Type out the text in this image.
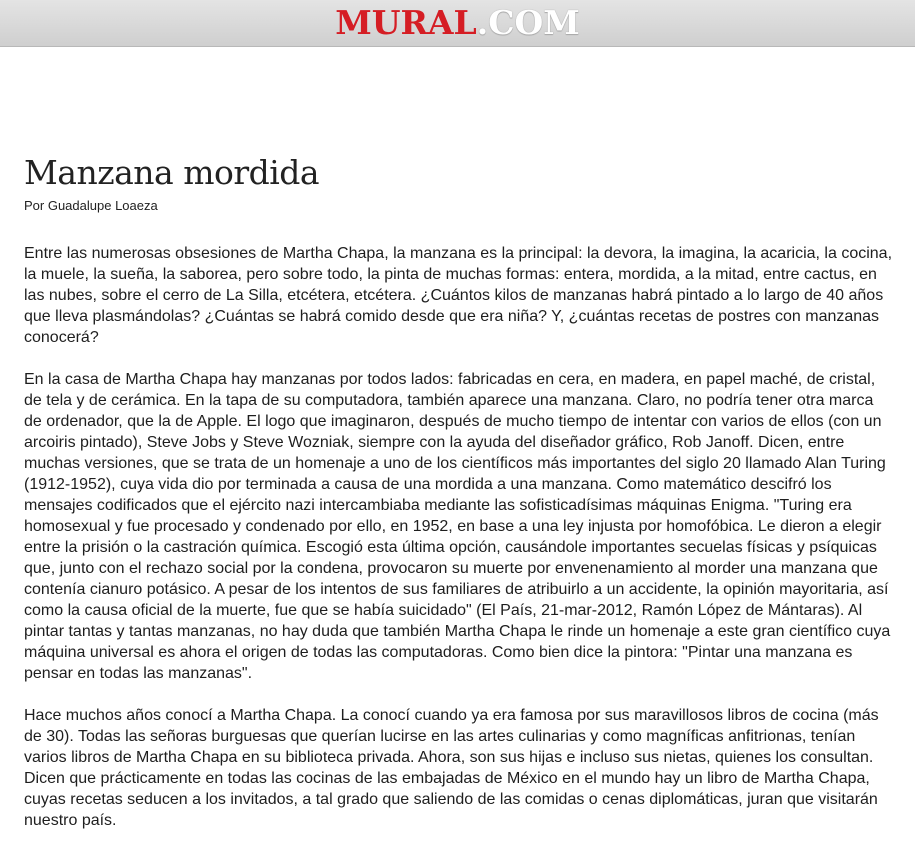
MURAL.COM
Manzana mordida

Por Guadalupe Loaeza

Entre las numerosas obsesiones de Martha Chapa, la manzana es la principal: la devora, la imagina, la acaricia, la cocina, la muele, la sueña, la saborea, pero sobre todo, la pinta de muchas formas: entera, mordida, a la mitad, entre cactus, en las nubes, sobre el cerro de La Silla, etcétera, etcétera. ¿Cuántos kilos de manzanas habrá pintado a lo largo de 40 años que lleva plasmándolas? ¿Cuántas se habrá comido desde que era niña? Y, ¿cuántas recetas de postres con manzanas conocerá?

En la casa de Martha Chapa hay manzanas por todos lados: fabricadas en cera, en madera, en papel maché, de cristal, de tela y de cerámica. En la tapa de su computadora, también aparece una manzana. Claro, no podría tener otra marca de ordenador, que la de Apple. El logo que imaginaron, después de mucho tiempo de intentar con varios de ellos (con un arcoiris pintado), Steve Jobs y Steve Wozniak, siempre con la ayuda del diseñador gráfico, Rob Janoff. Dicen, entre muchas versiones, que se trata de un homenaje a uno de los científicos más importantes del siglo 20 llamado Alan Turing (1912-1952), cuya vida dio por terminada a causa de una mordida a una manzana. Como matemático descifró los mensajes codificados que el ejército nazi intercambiaba mediante las sofisticadísimas máquinas Enigma. "Turing era homosexual y fue procesado y condenado por ello, en 1952, en base a una ley injusta por homofóbica. Le dieron a elegir entre la prisión o la castración química. Escogió esta última opción, causándole importantes secuelas físicas y psíquicas que, junto con el rechazo social por la condena, provocaron su muerte por envenenamiento al morder una manzana que contenía cianuro potásico. A pesar de los intentos de sus familiares de atribuirlo a un accidente, la opinión mayoritaria, así como la causa oficial de la muerte, fue que se había suicidado" (El País, 21-mar-2012, Ramón López de Mántaras). Al pintar tantas y tantas manzanas, no hay duda que también Martha Chapa le rinde un homenaje a este gran científico cuya máquina universal es ahora el origen de todas las computadoras. Como bien dice la pintora: "Pintar una manzana es pensar en todas las manzanas".

Hace muchos años conocí a Martha Chapa. La conocí cuando ya era famosa por sus maravillosos libros de cocina (más de 30). Todas las señoras burguesas que querían lucirse en las artes culinarias y como magníficas anfitrionas, tenían varios libros de Martha Chapa en su biblioteca privada. Ahora, son sus hijas e incluso sus nietas, quienes los consultan. Dicen que prácticamente en todas las cocinas de las embajadas de México en el mundo hay un libro de Martha Chapa, cuyas recetas seducen a los invitados, a tal grado que saliendo de las comidas o cenas diplomáticas, juran que visitarán nuestro país.
